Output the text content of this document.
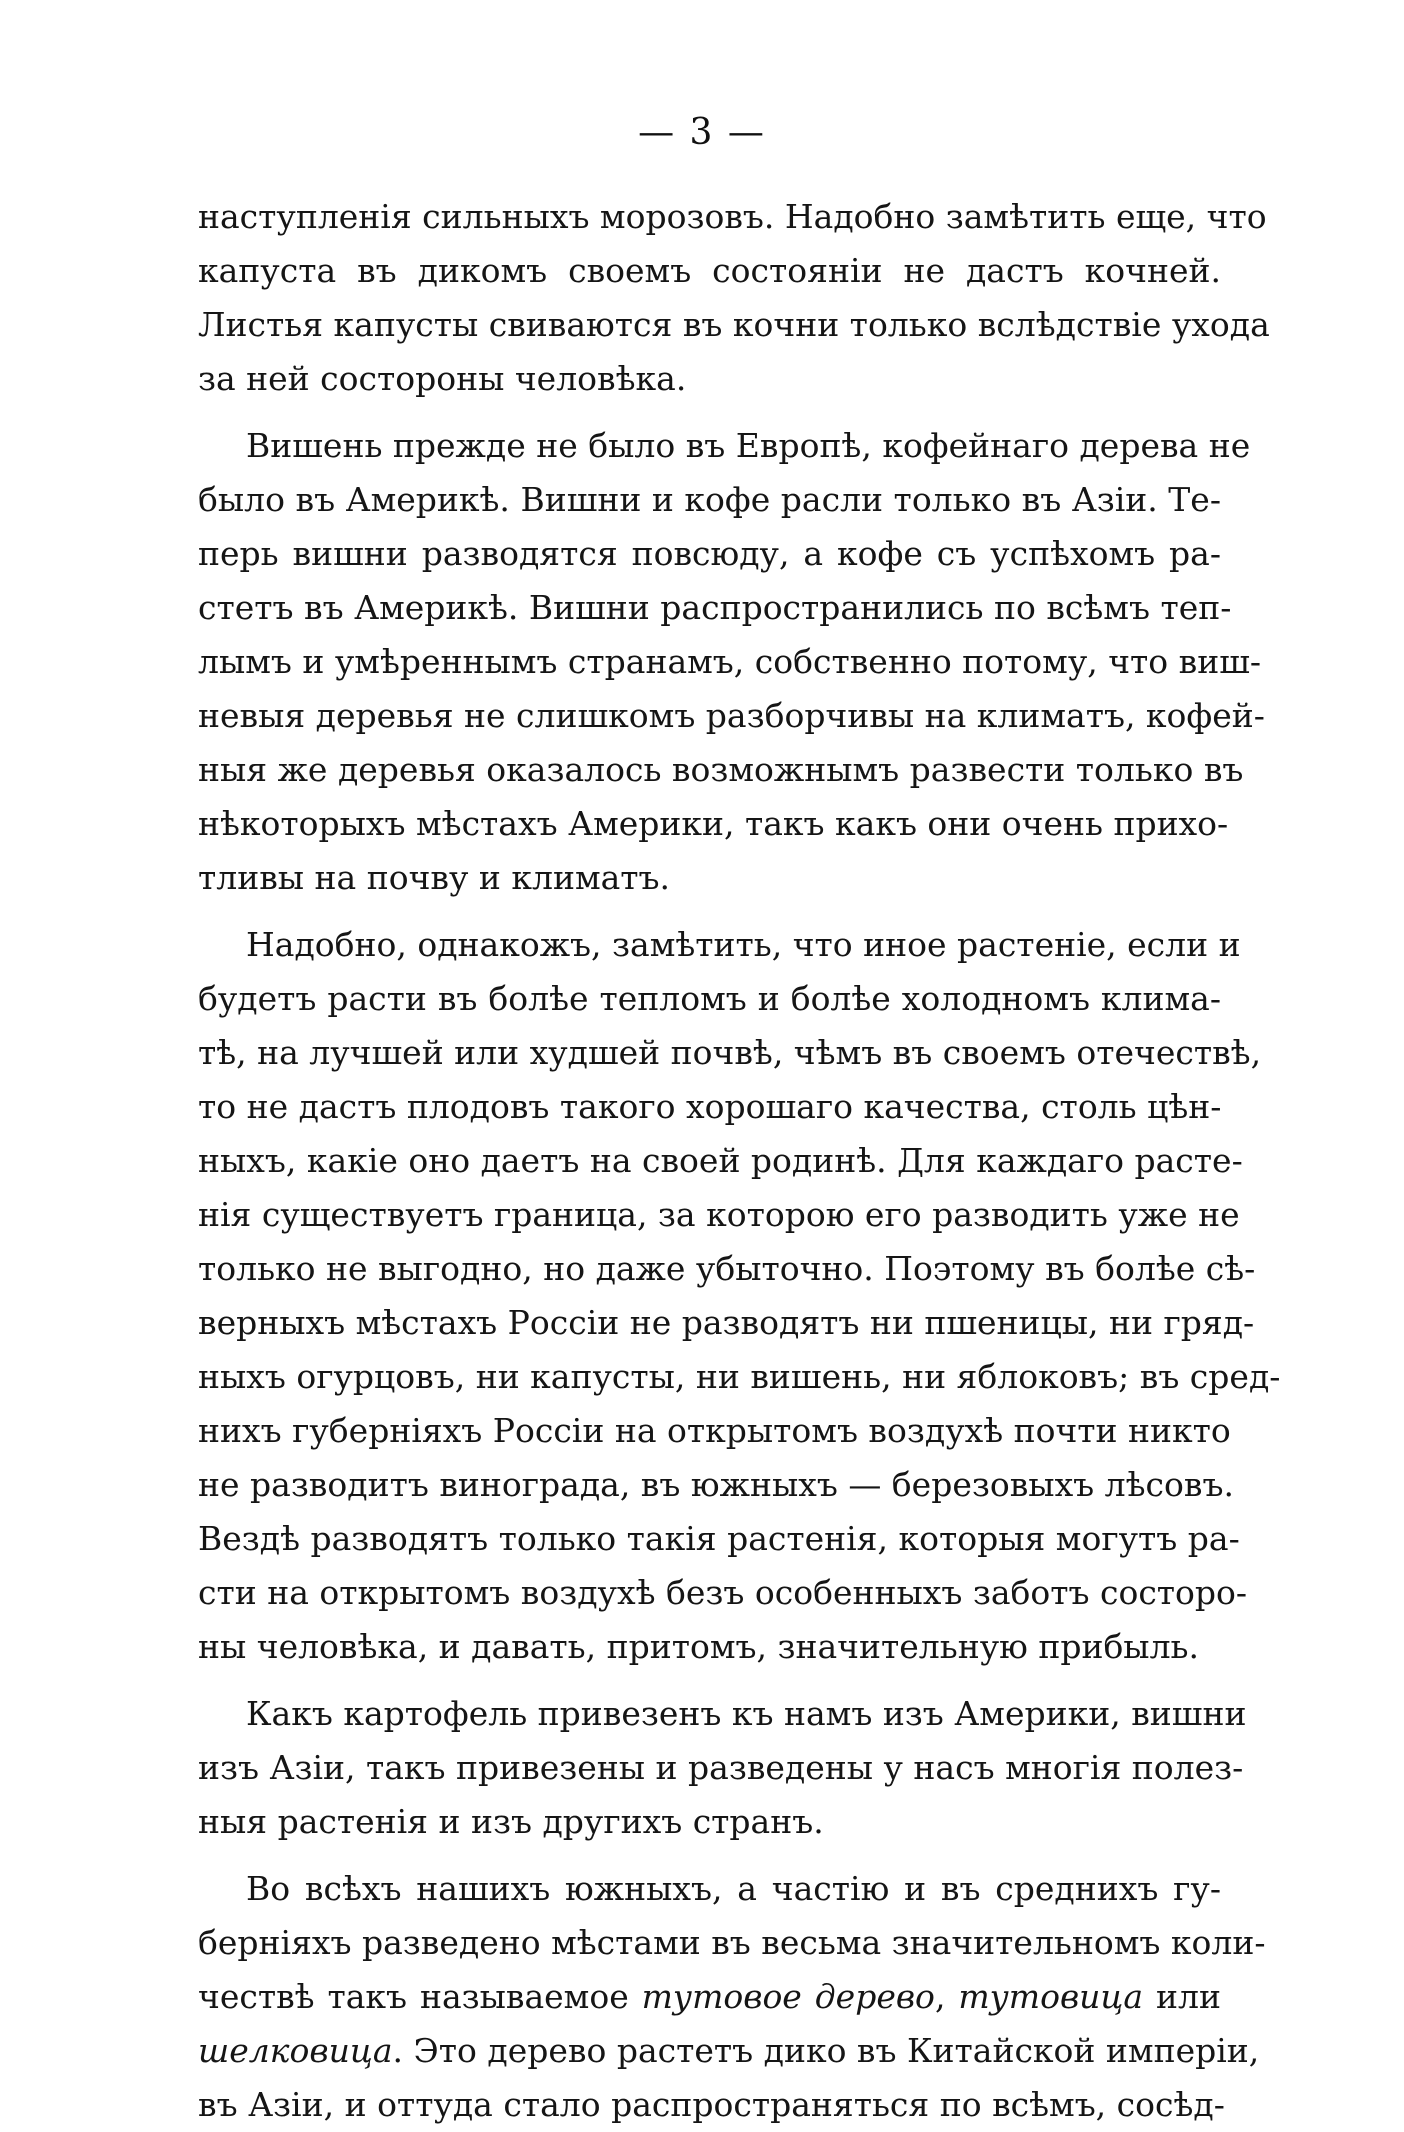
— 3 —
наступленія сильныхъ морозовъ. Надобно замѣтить еще, что
капуста въ дикомъ своемъ состояніи не дастъ кочней.
Листья капусты свиваются въ кочни только вслѣдствіе ухода
за ней состороны человѣка.
Вишень прежде не было въ Европѣ, кофейнаго дерева не
было въ Америкѣ. Вишни и кофе расли только въ Азіи. Те-
перь вишни разводятся повсюду, а кофе съ успѣхомъ ра-
стетъ въ Америкѣ. Вишни распространились по всѣмъ теп-
лымъ и умѣреннымъ странамъ, собственно потому, что виш-
невыя деревья не слишкомъ разборчивы на климатъ, кофей-
ныя же деревья оказалось возможнымъ развести только въ
нѣкоторыхъ мѣстахъ Америки, такъ какъ они очень прихо-
тливы на почву и климатъ.
Надобно, однакожъ, замѣтить, что иное растеніе, если и
будетъ расти въ болѣе тепломъ и болѣе холодномъ клима-
тѣ, на лучшей или худшей почвѣ, чѣмъ въ своемъ отечествѣ,
то не дастъ плодовъ такого хорошаго качества, столь цѣн-
ныхъ, какіе оно даетъ на своей родинѣ. Для каждаго расте-
нія существуетъ граница, за которою его разводить уже не
только не выгодно, но даже убыточно. Поэтому въ болѣе сѣ-
верныхъ мѣстахъ Россіи не разводятъ ни пшеницы, ни гряд-
ныхъ огурцовъ, ни капусты, ни вишень, ни яблоковъ; въ сред-
нихъ губерніяхъ Россіи на открытомъ воздухѣ почти никто
не разводитъ винограда, въ южныхъ — березовыхъ лѣсовъ.
Вездѣ разводятъ только такія растенія, которыя могутъ ра-
сти на открытомъ воздухѣ безъ особенныхъ заботъ состоро-
ны человѣка, и давать, притомъ, значительную прибыль.
Какъ картофель привезенъ къ намъ изъ Америки, вишни
изъ Азіи, такъ привезены и разведены у насъ многія полез-
ныя растенія и изъ другихъ странъ.
Во всѣхъ нашихъ южныхъ, а частію и въ среднихъ гу-
берніяхъ разведено мѣстами въ весьма значительномъ коли-
чествѣ такъ называемое тутовое дерево, тутовица или
шелковица. Это дерево растетъ дико въ Китайской имперіи,
въ Азіи, и оттуда стало распространяться по всѣмъ, сосѣд-
